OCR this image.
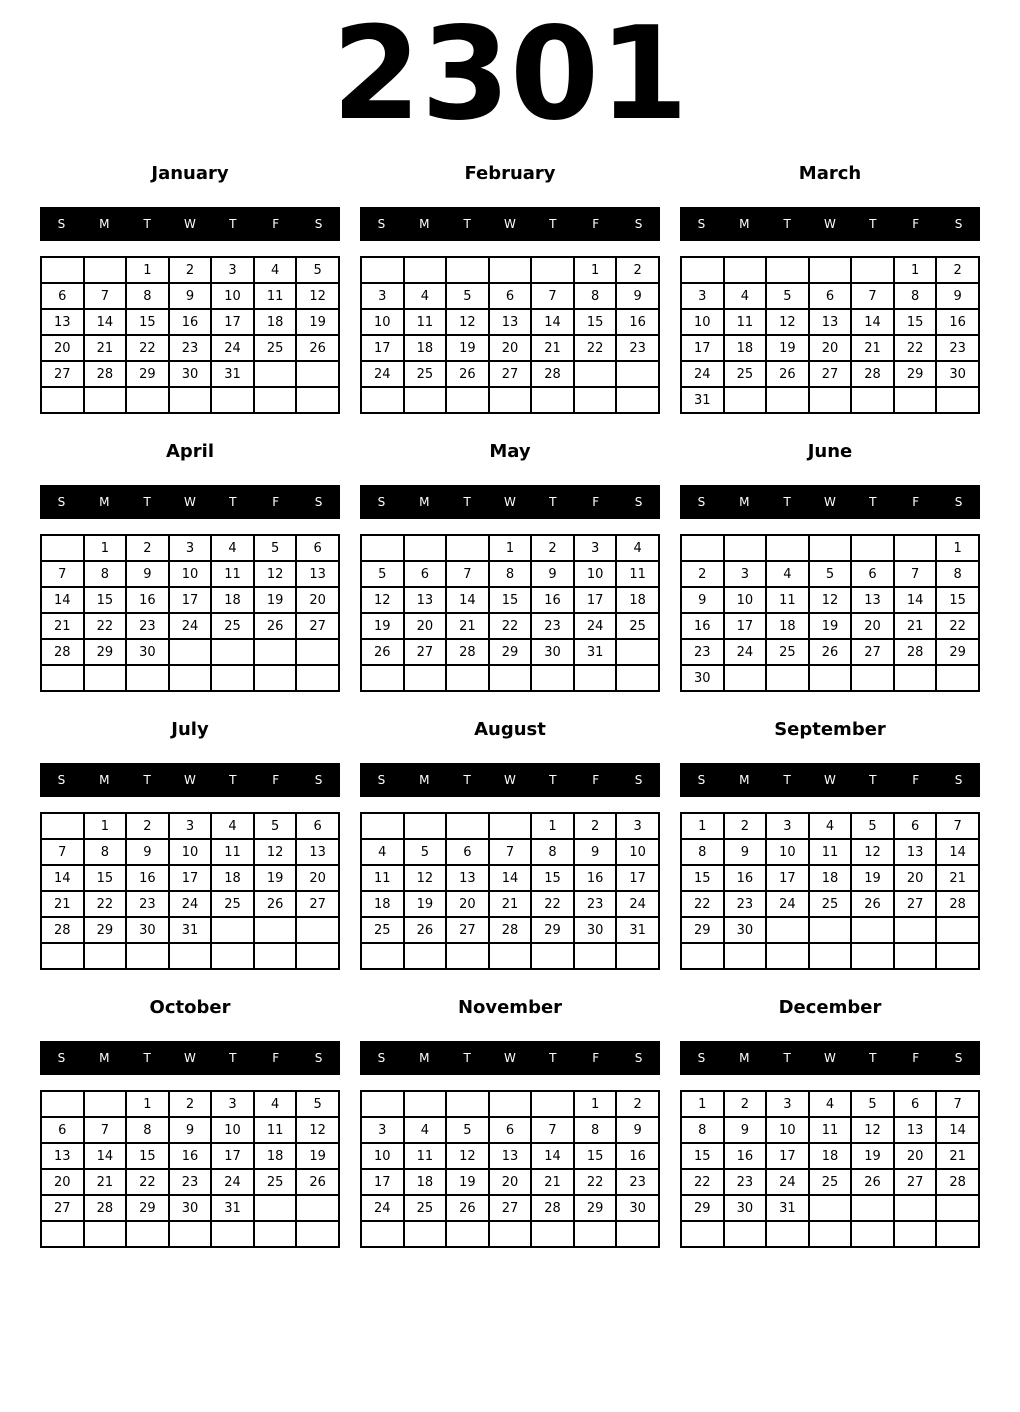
2301
January
S	M	T	W	T	F	S
		1	2	3	4	5
6	7	8	9	10	11	12
13	14	15	16	17	18	19
20	21	22	23	24	25	26
27	28	29	30	31		

February
S	M	T	W	T	F	S
					1	2
3	4	5	6	7	8	9
10	11	12	13	14	15	16
17	18	19	20	21	22	23
24	25	26	27	28		

March
S	M	T	W	T	F	S
					1	2
3	4	5	6	7	8	9
10	11	12	13	14	15	16
17	18	19	20	21	22	23
24	25	26	27	28	29	30
31						
April
S	M	T	W	T	F	S
	1	2	3	4	5	6
7	8	9	10	11	12	13
14	15	16	17	18	19	20
21	22	23	24	25	26	27
28	29	30				

May
S	M	T	W	T	F	S
			1	2	3	4
5	6	7	8	9	10	11
12	13	14	15	16	17	18
19	20	21	22	23	24	25
26	27	28	29	30	31	

June
S	M	T	W	T	F	S
						1
2	3	4	5	6	7	8
9	10	11	12	13	14	15
16	17	18	19	20	21	22
23	24	25	26	27	28	29
30						
July
S	M	T	W	T	F	S
	1	2	3	4	5	6
7	8	9	10	11	12	13
14	15	16	17	18	19	20
21	22	23	24	25	26	27
28	29	30	31			

August
S	M	T	W	T	F	S
				1	2	3
4	5	6	7	8	9	10
11	12	13	14	15	16	17
18	19	20	21	22	23	24
25	26	27	28	29	30	31

September
S	M	T	W	T	F	S
1	2	3	4	5	6	7
8	9	10	11	12	13	14
15	16	17	18	19	20	21
22	23	24	25	26	27	28
29	30					

October
S	M	T	W	T	F	S
		1	2	3	4	5
6	7	8	9	10	11	12
13	14	15	16	17	18	19
20	21	22	23	24	25	26
27	28	29	30	31		

November
S	M	T	W	T	F	S
					1	2
3	4	5	6	7	8	9
10	11	12	13	14	15	16
17	18	19	20	21	22	23
24	25	26	27	28	29	30

December
S	M	T	W	T	F	S
1	2	3	4	5	6	7
8	9	10	11	12	13	14
15	16	17	18	19	20	21
22	23	24	25	26	27	28
29	30	31				
